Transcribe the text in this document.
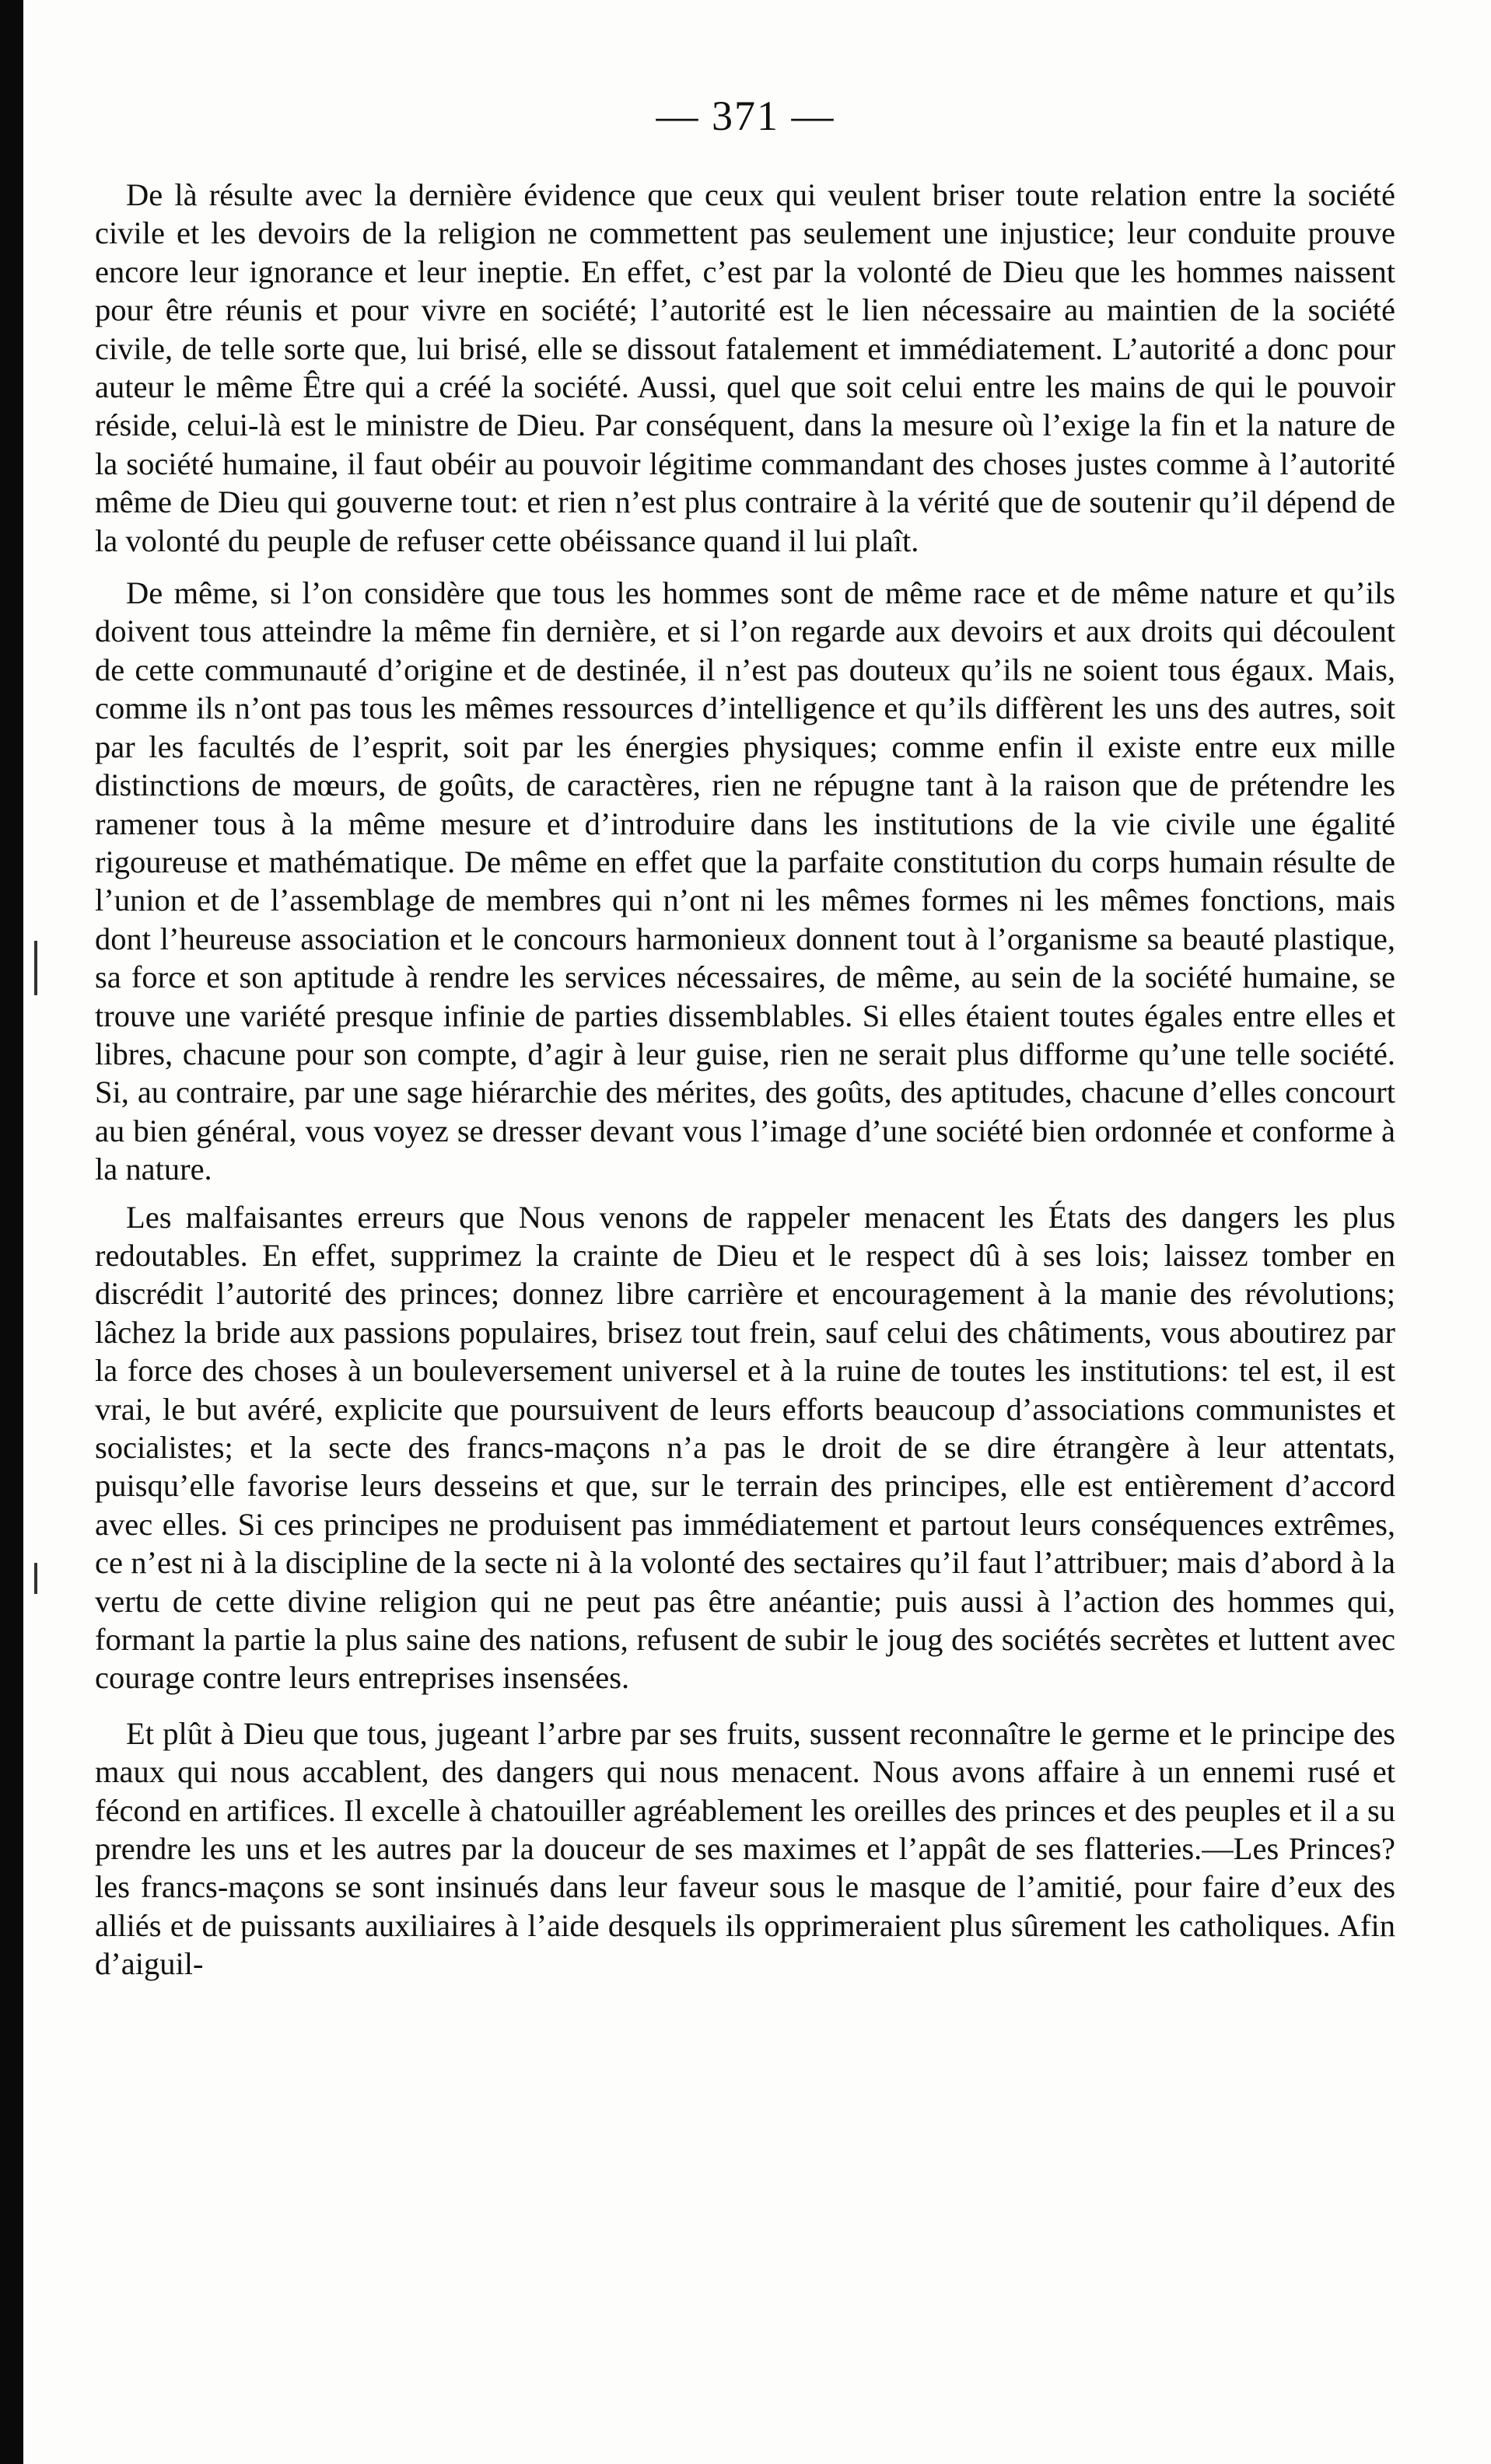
— 371 —

De là résulte avec la dernière évidence que ceux qui veulent briser toute relation entre la société civile et les devoirs de la religion ne commettent pas seulement une injustice; leur conduite prouve encore leur ignorance et leur ineptie. En effet, c’est par la volonté de Dieu que les hommes naissent pour être réunis et pour vivre en société; l’autorité est le lien nécessaire au maintien de la société civile, de telle sorte que, lui brisé, elle se dissout fatalement et immédiatement. L’autorité a donc pour auteur le même Être qui a créé la société. Aussi, quel que soit celui entre les mains de qui le pouvoir réside, celui-là est le ministre de Dieu. Par conséquent, dans la mesure où l’exige la fin et la nature de la société humaine, il faut obéir au pouvoir légitime commandant des choses justes comme à l’autorité même de Dieu qui gouverne tout: et rien n’est plus contraire à la vérité que de soutenir qu’il dépend de la volonté du peuple de refuser cette obéissance quand il lui plaît.

De même, si l’on considère que tous les hommes sont de même race et de même nature et qu’ils doivent tous atteindre la même fin dernière, et si l’on regarde aux devoirs et aux droits qui découlent de cette communauté d’origine et de destinée, il n’est pas douteux qu’ils ne soient tous égaux. Mais, comme ils n’ont pas tous les mêmes ressources d’intelligence et qu’ils diffèrent les uns des autres, soit par les facultés de l’esprit, soit par les énergies physiques; comme enfin il existe entre eux mille distinctions de mœurs, de goûts, de caractères, rien ne répugne tant à la raison que de prétendre les ramener tous à la même mesure et d’introduire dans les institutions de la vie civile une égalité rigoureuse et mathématique. De même en effet que la parfaite constitution du corps humain résulte de l’union et de l’assemblage de membres qui n’ont ni les mêmes formes ni les mêmes fonctions, mais dont l’heureuse association et le concours harmonieux donnent tout à l’organisme sa beauté plastique, sa force et son aptitude à rendre les services nécessaires, de même, au sein de la société humaine, se trouve une variété presque infinie de parties dissemblables. Si elles étaient toutes égales entre elles et libres, chacune pour son compte, d’agir à leur guise, rien ne serait plus difforme qu’une telle société. Si, au contraire, par une sage hiérarchie des mérites, des goûts, des aptitudes, chacune d’elles concourt au bien général, vous voyez se dresser devant vous l’image d’une société bien ordonnée et conforme à la nature.

Les malfaisantes erreurs que Nous venons de rappeler menacent les États des dangers les plus redoutables. En effet, supprimez la crainte de Dieu et le respect dû à ses lois; laissez tomber en discrédit l’autorité des princes; donnez libre carrière et encouragement à la manie des révolutions; lâchez la bride aux passions populaires, brisez tout frein, sauf celui des châtiments, vous aboutirez par la force des choses à un bouleversement universel et à la ruine de toutes les institutions: tel est, il est vrai, le but avéré, explicite que poursuivent de leurs efforts beaucoup d’associations communistes et socialistes; et la secte des francs-maçons n’a pas le droit de se dire étrangère à leur attentats, puisqu’elle favorise leurs desseins et que, sur le terrain des principes, elle est entièrement d’accord avec elles. Si ces principes ne produisent pas immédiatement et partout leurs conséquences extrêmes, ce n’est ni à la discipline de la secte ni à la volonté des sectaires qu’il faut l’attribuer; mais d’abord à la vertu de cette divine religion qui ne peut pas être anéantie; puis aussi à l’action des hommes qui, formant la partie la plus saine des nations, refusent de subir le joug des sociétés secrètes et luttent avec courage contre leurs entreprises insensées.

Et plût à Dieu que tous, jugeant l’arbre par ses fruits, sussent reconnaître le germe et le principe des maux qui nous accablent, des dangers qui nous menacent. Nous avons affaire à un ennemi rusé et fécond en artifices. Il excelle à chatouiller agréablement les oreilles des princes et des peuples et il a su prendre les uns et les autres par la douceur de ses maximes et l’appât de ses flatteries.—Les Princes? les francs-maçons se sont insinués dans leur faveur sous le masque de l’amitié, pour faire d’eux des alliés et de puissants auxiliaires à l’aide desquels ils opprimeraient plus sûrement les catholiques. Afin d’aiguil-
